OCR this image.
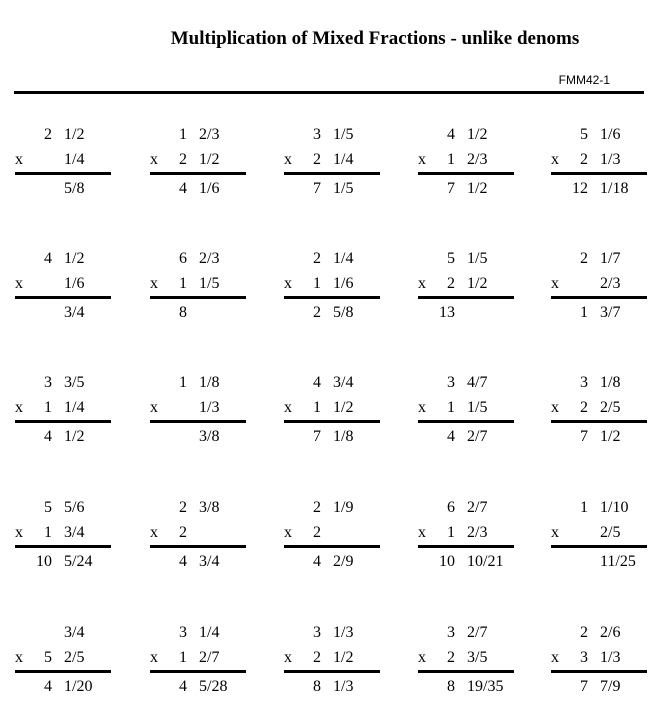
Multiplication of Mixed Fractions - unlike denoms
FMM42-1
2 1/2
x	1/4
5/8
1 2/3
x 2 1/2
4 1/6
3 1/5
x 2 1/4
7 1/5
4 1/2
x 1 2/3
7 1/2
5 1/6
x 2 1/3
12 1/18
4 1/2
x	1/6
3/4
6 2/3
x 1 1/5
8
2 1/4
x 1 1/6
2 5/8
5 1/5
x 2 1/2
13
2 1/7
x	2/3
1 3/7
3 3/5
x 1 1/4
4 1/2
1 1/8
x	1/3
3/8
4 3/4
x 1 1/2
7 1/8
3 4/7
x 1 1/5
4 2/7
3 1/8
x 2 2/5
7 1/2
5 5/6
x 1 3/4
10 5/24
2 3/8
x 2
4 3/4
2 1/9
x 2
4 2/9
6 2/7
x 1 2/3
10 10/21
1 1/10
x	2/5
11/25
3/4
x 5 2/5
4 1/20
3 1/4
x 1 2/7
4 5/28
3 1/3
x 2 1/2
8 1/3
3 2/7
x 2 3/5
8 19/35
2 2/6
x 3 1/3
7 7/9
